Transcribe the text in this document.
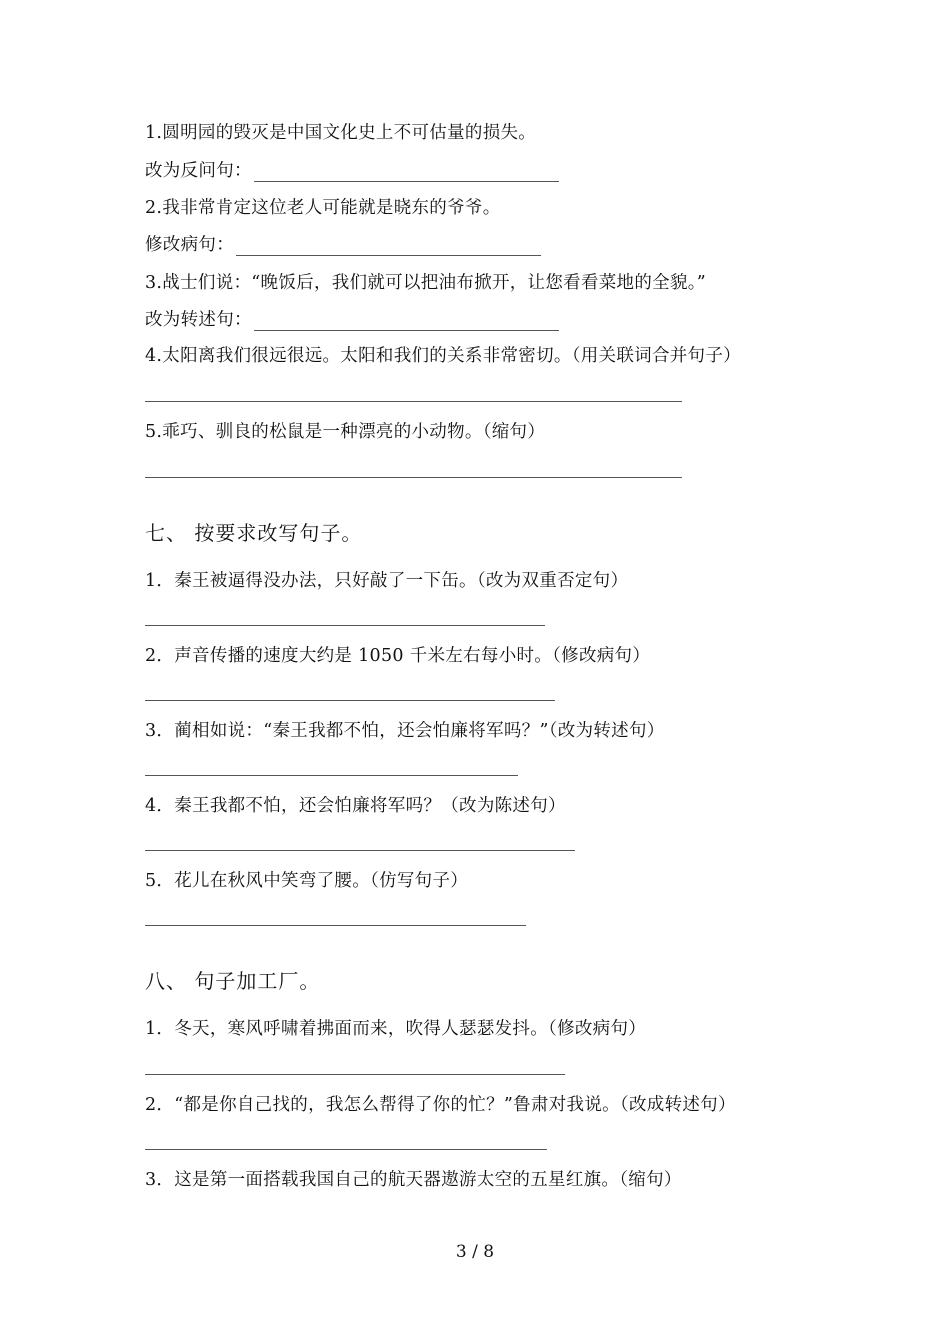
1.圆明园的毁灭是中国文化史上不可估量的损失。
改为反问句：
2.我非常肯定这位老人可能就是晓东的爷爷。
修改病句：
3.战士们说：“晚饭后，我们就可以把油布掀开，让您看看菜地的全貌。”
改为转述句：
4.太阳离我们很远很远。太阳和我们的关系非常密切。（用关联词合并句子）
5.乖巧、驯良的松鼠是一种漂亮的小动物。（缩句）
七、 按要求改写句子。
1．秦王被逼得没办法，只好敲了一下缶。（改为双重否定句）
2．声音传播的速度大约是 1050 千米左右每小时。（修改病句）
3．蔺相如说：“秦王我都不怕，还会怕廉将军吗？”（改为转述句）
4．秦王我都不怕，还会怕廉将军吗？（改为陈述句）
5．花儿在秋风中笑弯了腰。（仿写句子）
八、 句子加工厂。
1．冬天，寒风呼啸着拂面而来，吹得人瑟瑟发抖。（修改病句）
2．“都是你自己找的，我怎么帮得了你的忙？”鲁肃对我说。（改成转述句）
3．这是第一面搭载我国自己的航天器遨游太空的五星红旗。（缩句）
3 / 8
